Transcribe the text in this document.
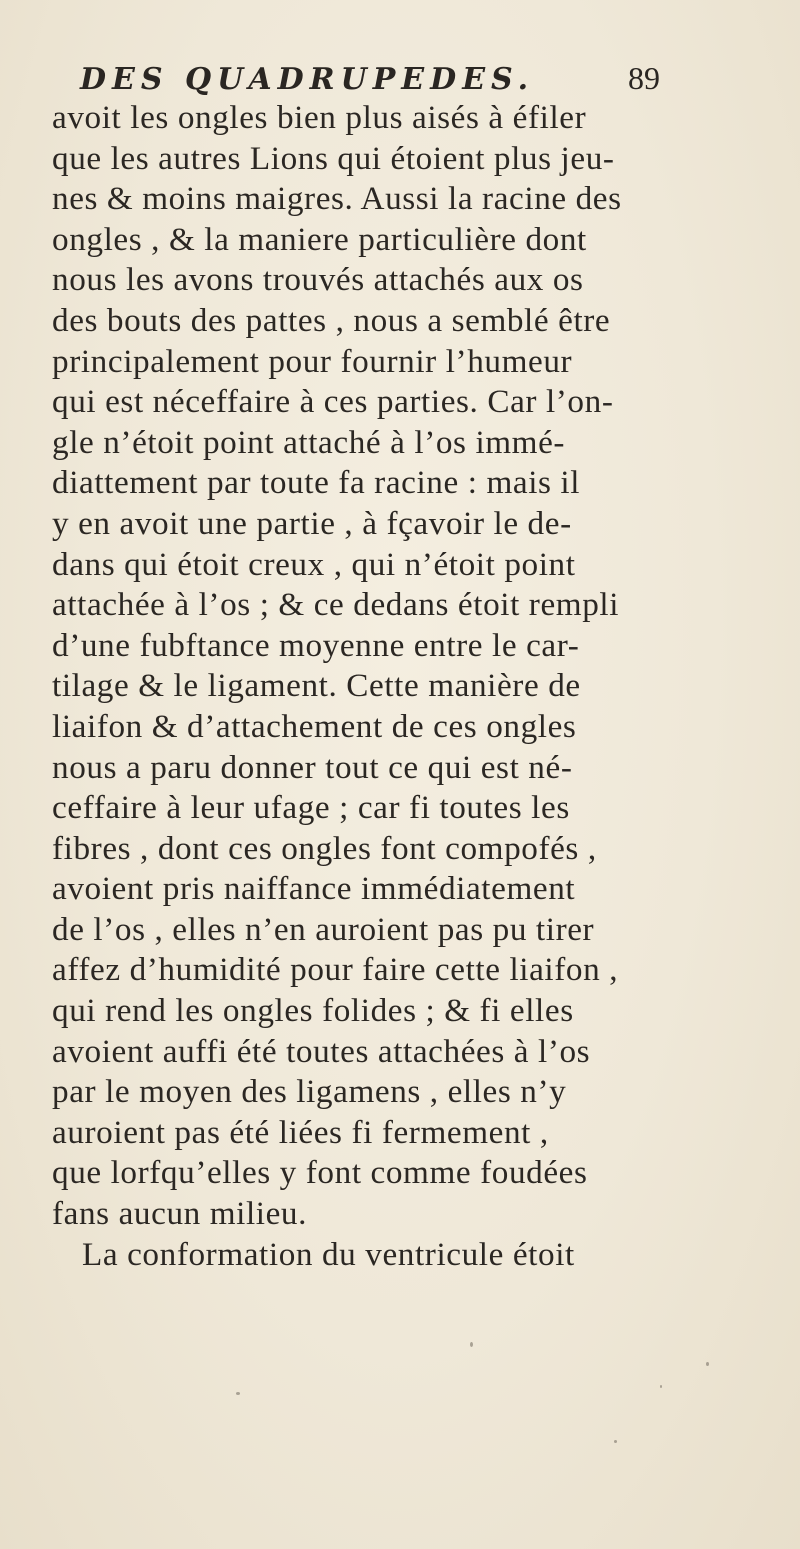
DES QUADRUPEDES.	89
avoit les ongles bien plus aisés à éfiler
que les autres Lions qui étoient plus jeu-
nes & moins maigres. Aussi la racine des
ongles , & la maniere particulière dont
nous les avons trouvés attachés aux os
des bouts des pattes , nous a semblé être
principalement pour fournir l’humeur
qui est néceffaire à ces parties. Car l’on-
gle n’étoit point attaché à l’os immé-
diattement par toute fa racine : mais il
y en avoit une partie , à fçavoir le de-
dans qui étoit creux , qui n’étoit point
attachée à l’os ; & ce dedans étoit rempli
d’une fubftance moyenne entre le car-
tilage & le ligament. Cette manière de
liaifon & d’attachement de ces ongles
nous a paru donner tout ce qui est né-
ceffaire à leur ufage ; car fi toutes les
fibres , dont ces ongles font compofés ,
avoient pris naiffance immédiatement
de l’os , elles n’en auroient pas pu tirer
affez d’humidité pour faire cette liaifon ,
qui rend les ongles folides ; & fi elles
avoient auffi été toutes attachées à l’os
par le moyen des ligamens , elles n’y
auroient pas été liées fi fermement ,
que lorfqu’elles y font comme foudées
fans aucun milieu.
La conformation du ventricule étoit
